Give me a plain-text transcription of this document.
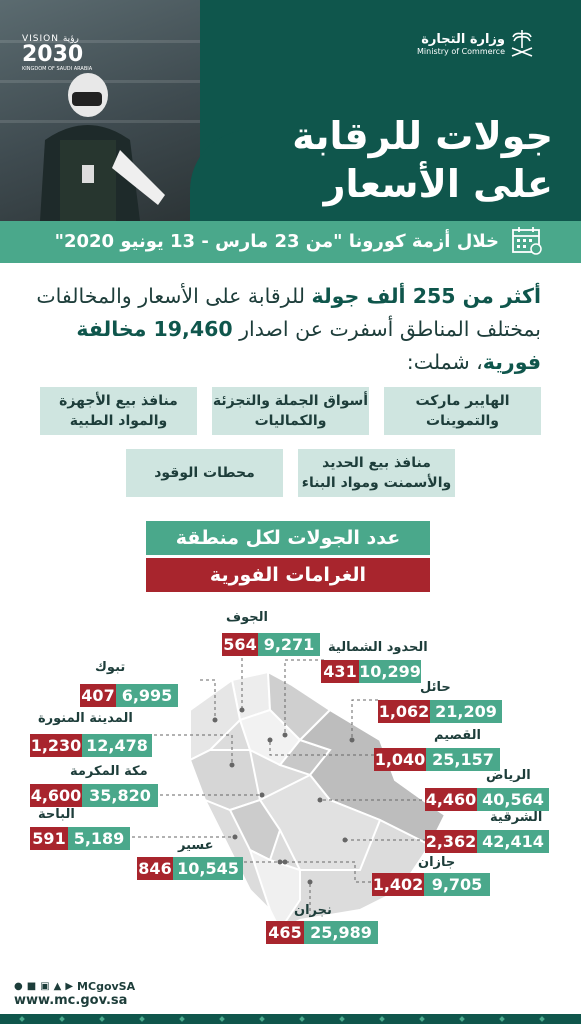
VISION رؤية
2030
KINGDOM OF SAUDI ARABIA
وزارة التجارة
Ministry of Commerce
جولات للرقابة
على الأسعار
خلال أزمة كورونا "من 23 مارس - 13 يونيو 2020"
أكثر من 255 ألف جولة للرقابة على الأسعار والمخالفات بمختلف المناطق أسفرت عن اصدار 19,460 مخالفة فورية، شملت:
الهايبر ماركت والتموينات
أسواق الجملة والتجزئة والكماليات
منافذ بيع الأجهزة والمواد الطبية
منافذ بيع الحديد والأسمنت ومواد البناء
محطات الوقود
عدد الجولات لكل منطقة
الغرامات الفورية
الجوف
564 9,271	الحدود الشمالية
431 10,299
تبوك
407 6,995	حائل
1,062 21,209
المدينة المنورة
1,230 12,478
القصيم
1,040 25,157
مكة المكرمة
4,600 35,820
الرياض
4,460 40,564
الباحة
591 5,189
الشرقية
2,362 42,414
عسير
846 10,545	جازان
1,402 9,705
نجران
465 25,989
● ■ ▣ ▲ ▶ MCgovSA
www.mc.gov.sa
